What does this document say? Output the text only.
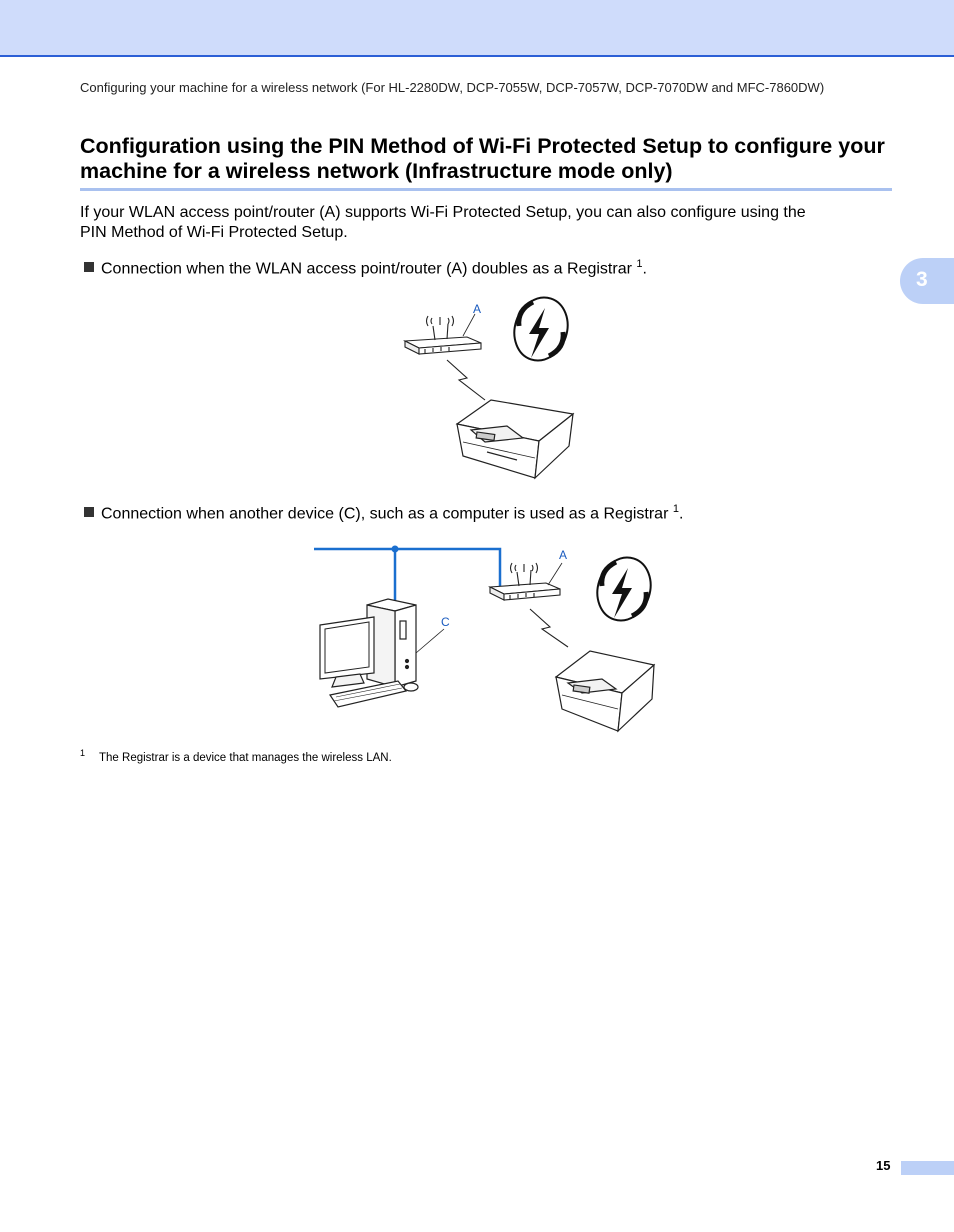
Configuring your machine for a wireless network (For HL-2280DW, DCP-7055W, DCP-7057W, DCP-7070DW and MFC-7860DW)
Configuration using the PIN Method of Wi-Fi Protected Setup to configure your
machine for a wireless network (Infrastructure mode only)

If your WLAN access point/router (A) supports Wi-Fi Protected Setup, you can also configure using the
PIN Method of Wi-Fi Protected Setup.

Connection when the WLAN access point/router (A) doubles as a Registrar $^1$.
A
Connection when another device (C), such as a computer is used as a Registrar $^1$.
A
C
$^1$ The Registrar is a device that manages the wireless LAN.
3
15
